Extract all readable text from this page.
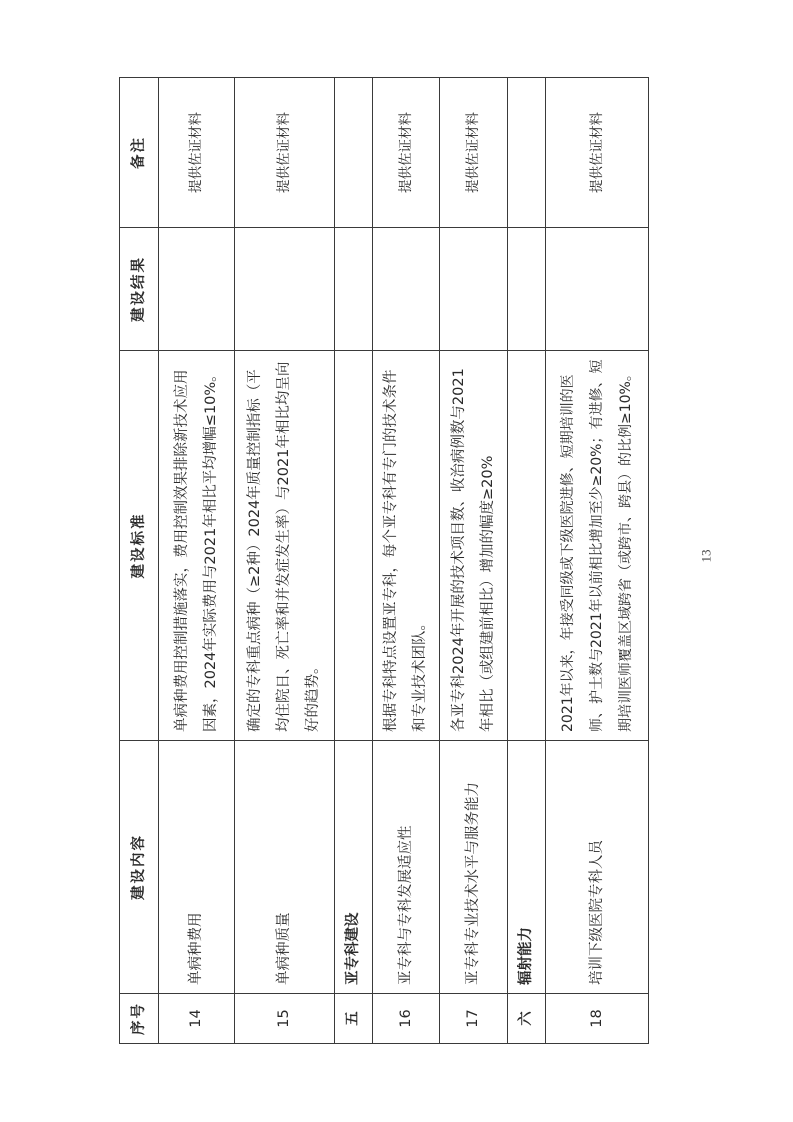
序号	建设内容	建设标准	建设结果	备注
14	单病种费用	单病种费用控制措施落实，费用控制效果排除新技术应用因素，2024年实际费用与2021年相比平均增幅≤10%。		提供佐证材料
15	单病种质量	确定的专科重点病种（≥2种）2024年质量控制指标（平均住院日、死亡率和并发症发生率）与2021年相比均呈向好的趋势。		提供佐证材料
五	亚专科建设			
16	亚专科与专科发展适应性	根据专科特点设置亚专科，每个亚专科有专门的技术条件和专业技术团队。		提供佐证材料
17	亚专科专业技术水平与服务能力	各亚专科2024年开展的技术项目数、收治病例数与2021年相比（或组建前相比）增加的幅度≥20%		提供佐证材料
六	辐射能力			
18	培训下级医院专科人员	2021年以来，年接受同级或下级医院进修、短期培训的医师、护士数与2021年以前相比增加至少≥20%；有进修、短期培训医师覆盖区域跨省（或跨市、跨县）的比例≥10%。		提供佐证材料
13
